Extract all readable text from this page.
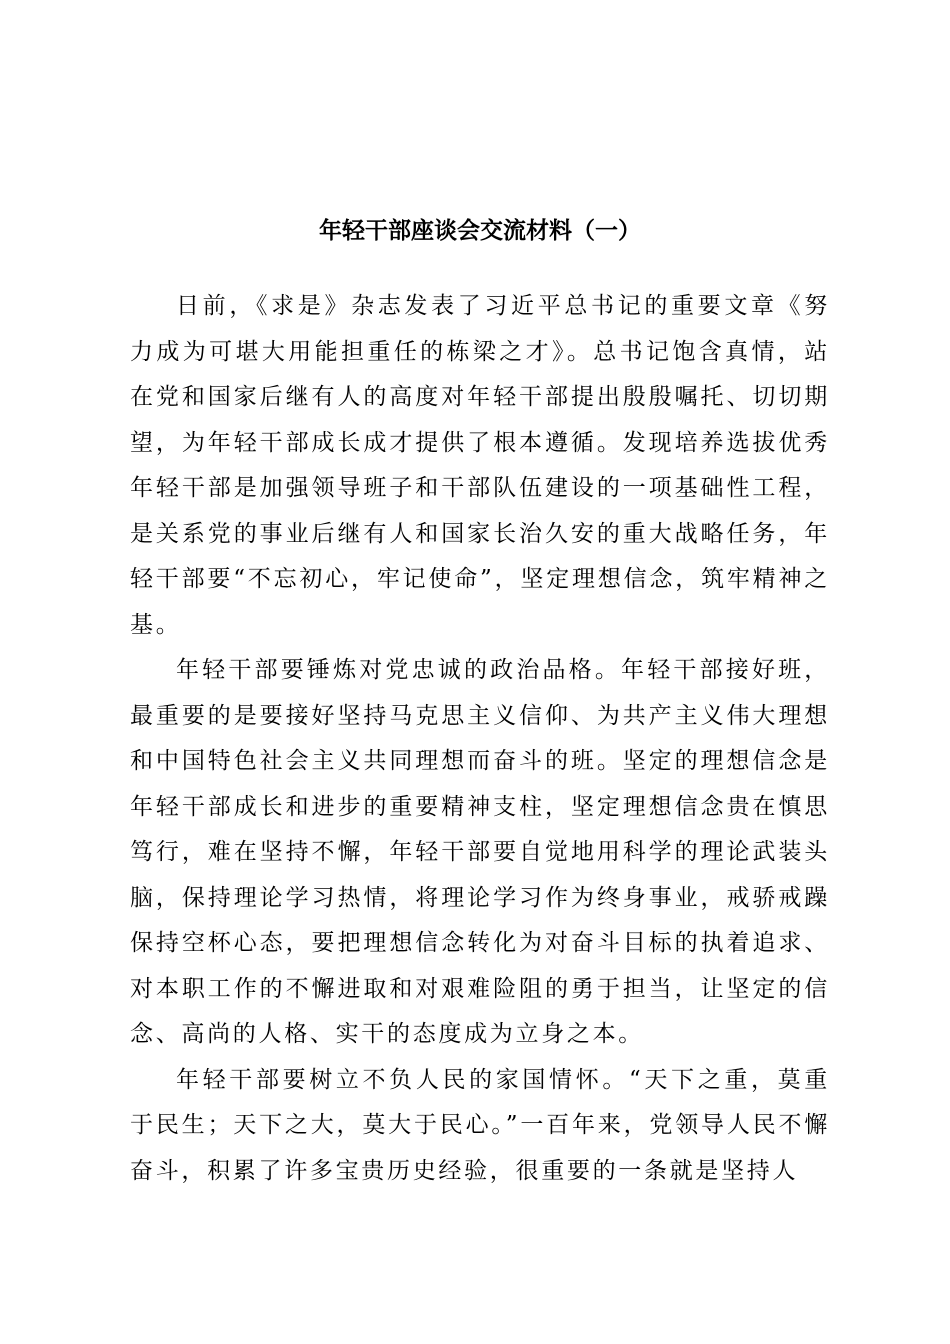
年轻干部座谈会交流材料（一）

日前，《求是》杂志发表了习近平总书记的重要文章《努力成为可堪大用能担重任的栋梁之才》。总书记饱含真情，站在党和国家后继有人的高度对年轻干部提出殷殷嘱托、切切期望，为年轻干部成长成才提供了根本遵循。发现培养选拔优秀年轻干部是加强领导班子和干部队伍建设的一项基础性工程，是关系党的事业后继有人和国家长治久安的重大战略任务，年轻干部要“不忘初心，牢记使命”，坚定理想信念，筑牢精神之基。

年轻干部要锤炼对党忠诚的政治品格。年轻干部接好班，最重要的是要接好坚持马克思主义信仰、为共产主义伟大理想和中国特色社会主义共同理想而奋斗的班。坚定的理想信念是年轻干部成长和进步的重要精神支柱，坚定理想信念贵在慎思笃行，难在坚持不懈，年轻干部要自觉地用科学的理论武装头脑，保持理论学习热情，将理论学习作为终身事业，戒骄戒躁保持空杯心态，要把理想信念转化为对奋斗目标的执着追求、对本职工作的不懈进取和对艰难险阻的勇于担当，让坚定的信念、高尚的人格、实干的态度成为立身之本。

年轻干部要树立不负人民的家国情怀。“天下之重，莫重于民生；天下之大，莫大于民心。”一百年来，党领导人民不懈奋斗，积累了许多宝贵历史经验，很重要的一条就是坚持人
